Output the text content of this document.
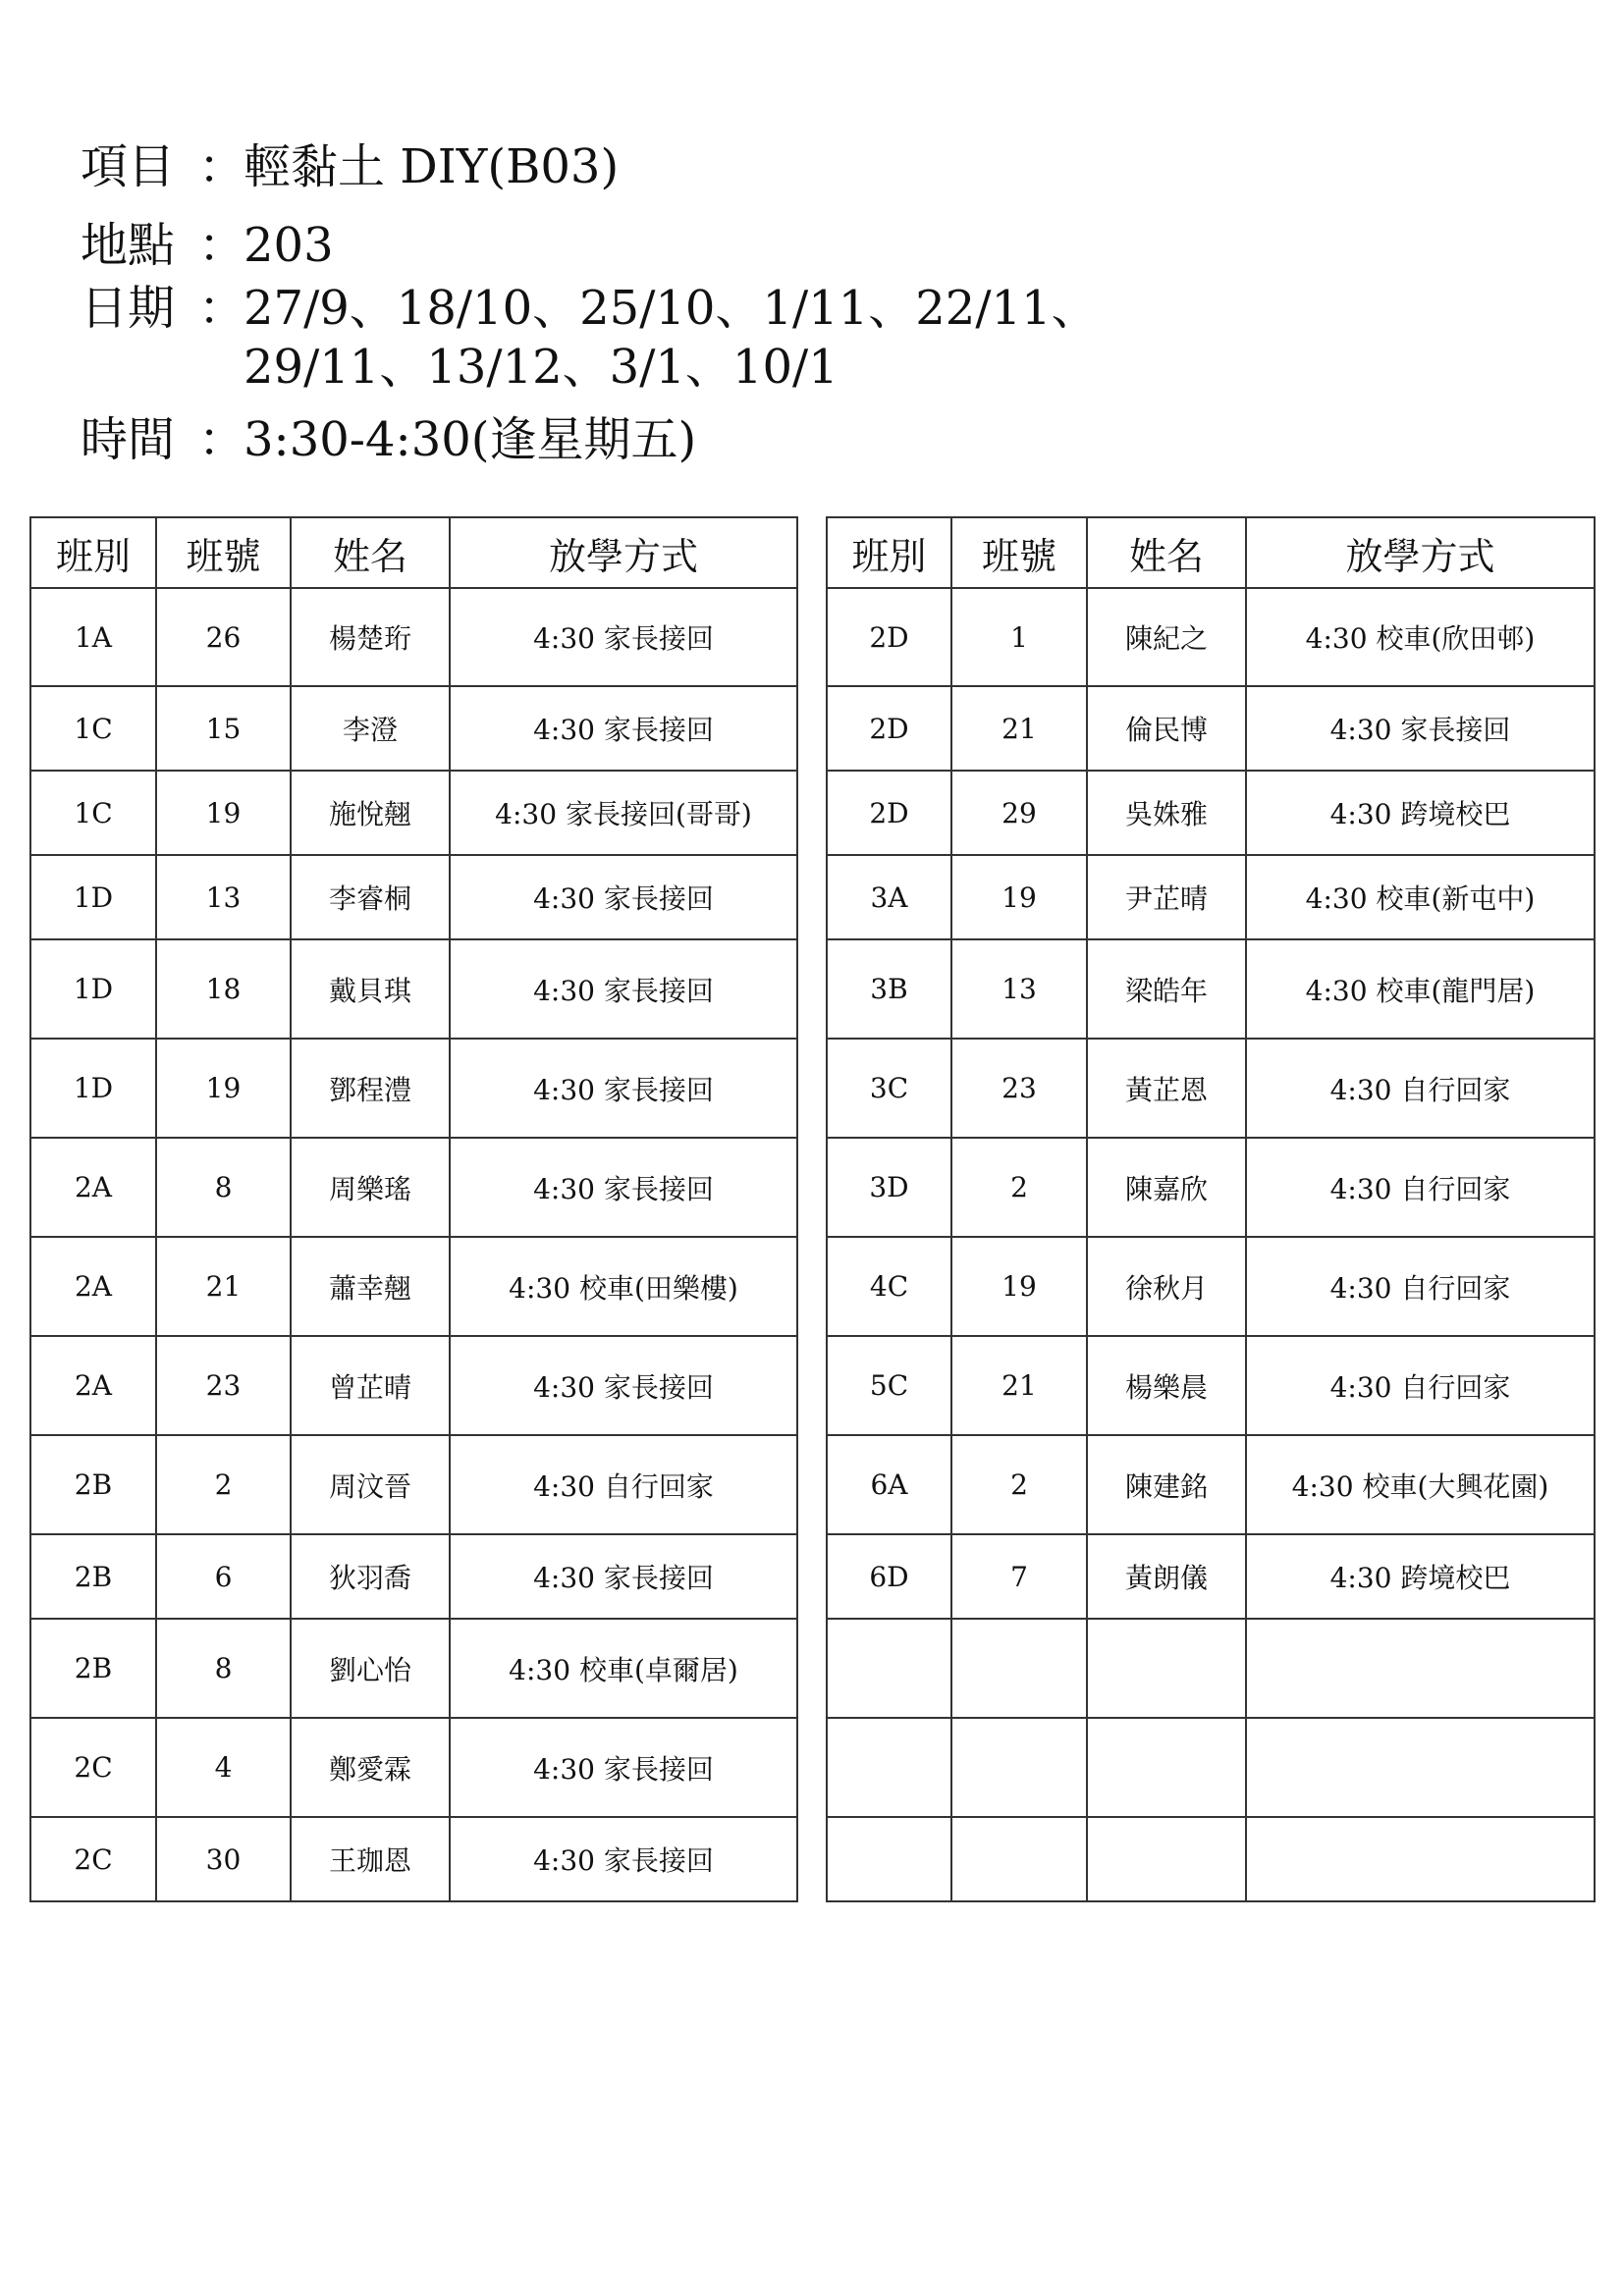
項目 ：輕黏土 DIY(B03)
地點 ：203
日期 ：
27/9、18/10、25/10、1/11、22/11、
29/11、13/12、3/1、10/1
時間 ：3:30-4:30(逢星期五)
班別	班號	姓名	放學方式
1A	26	楊楚珩	4:30 家長接回
1C	15	李澄	4:30 家長接回
1C	19	施悅翹	4:30 家長接回(哥哥)
1D	13	李睿桐	4:30 家長接回
1D	18	戴貝琪	4:30 家長接回
1D	19	鄧程澧	4:30 家長接回
2A	8	周樂瑤	4:30 家長接回
2A	21	蕭幸翹	4:30 校車(田樂樓)
2A	23	曾芷晴	4:30 家長接回
2B	2	周汶晉	4:30 自行回家
2B	6	狄羽喬	4:30 家長接回
2B	8	劉心怡	4:30 校車(卓爾居)
2C	4	鄭愛霖	4:30 家長接回
2C	30	王珈恩	4:30 家長接回
班別	班號	姓名	放學方式
2D	1	陳紀之	4:30 校車(欣田邨)
2D	21	倫民博	4:30 家長接回
2D	29	吳姝雅	4:30 跨境校巴
3A	19	尹芷晴	4:30 校車(新屯中)
3B	13	梁皓年	4:30 校車(龍門居)
3C	23	黃芷恩	4:30 自行回家
3D	2	陳嘉欣	4:30 自行回家
4C	19	徐秋月	4:30 自行回家
5C	21	楊樂晨	4:30 自行回家
6A	2	陳建銘	4:30 校車(大興花園)
6D	7	黃朗儀	4:30 跨境校巴
